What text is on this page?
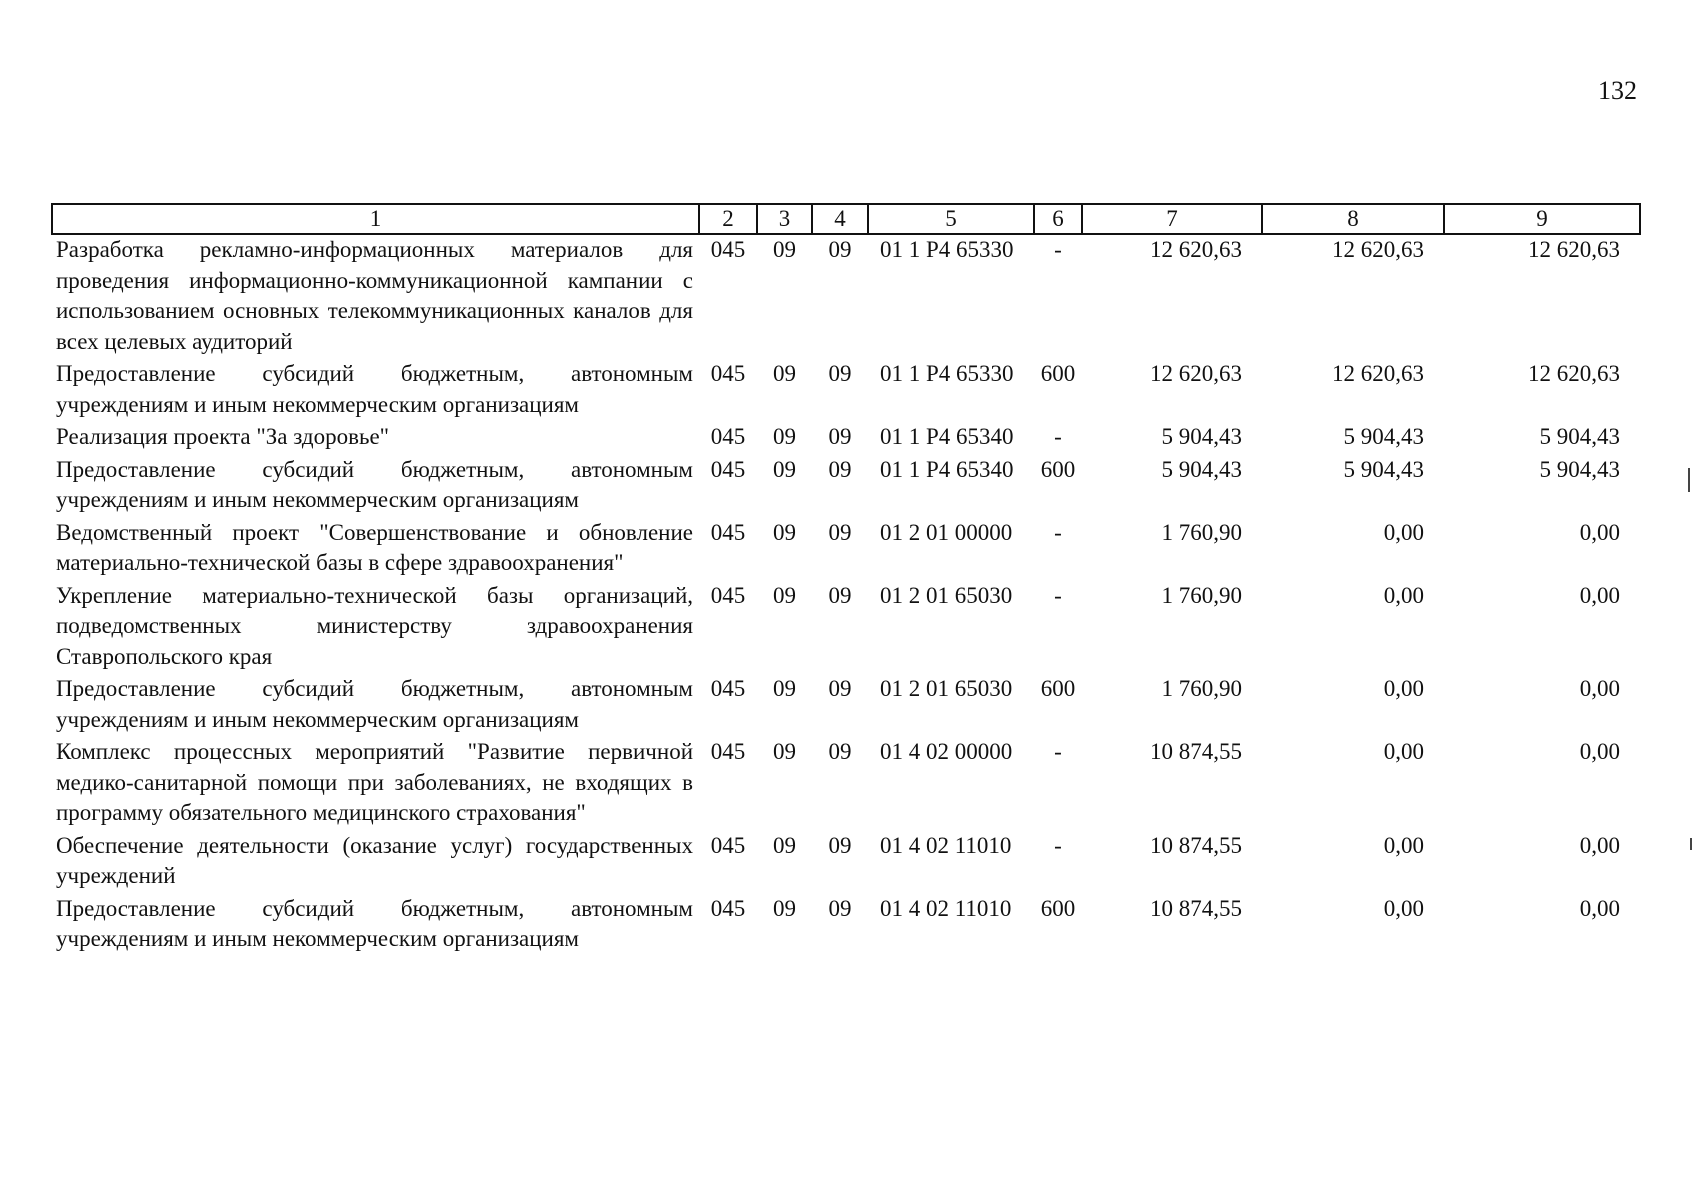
132
1	2	3	4	5	6	7	8	9
Разработка рекламно-информационных материалов для проведения информационно-коммуникационной кампании с использованием основных телекоммуникационных каналов для всех целевых аудиторий	045	09	09	01 1 Р4 65330	-	12 620,63	12 620,63	12 620,63
Предоставление субсидий бюджетным, автономным учреждениям и иным некоммерческим организациям	045	09	09	01 1 Р4 65330	600	12 620,63	12 620,63	12 620,63
Реализация проекта "За здоровье"	045	09	09	01 1 Р4 65340	-	5 904,43	5 904,43	5 904,43
Предоставление субсидий бюджетным, автономным учреждениям и иным некоммерческим организациям	045	09	09	01 1 Р4 65340	600	5 904,43	5 904,43	5 904,43
Ведомственный проект "Совершенствование и обновление материально-технической базы в сфере здравоохранения"	045	09	09	01 2 01 00000	-	1 760,90	0,00	0,00
Укрепление материально-технической базы организаций, подведомственных министерству здравоохранения Ставропольского края	045	09	09	01 2 01 65030	-	1 760,90	0,00	0,00
Предоставление субсидий бюджетным, автономным учреждениям и иным некоммерческим организациям	045	09	09	01 2 01 65030	600	1 760,90	0,00	0,00
Комплекс процессных мероприятий "Развитие первичной медико-санитарной помощи при заболеваниях, не входящих в программу обязательного медицинского страхования"	045	09	09	01 4 02 00000	-	10 874,55	0,00	0,00
Обеспечение деятельности (оказание услуг) государственных учреждений	045	09	09	01 4 02 11010	-	10 874,55	0,00	0,00
Предоставление субсидий бюджетным, автономным учреждениям и иным некоммерческим организациям	045	09	09	01 4 02 11010	600	10 874,55	0,00	0,00
